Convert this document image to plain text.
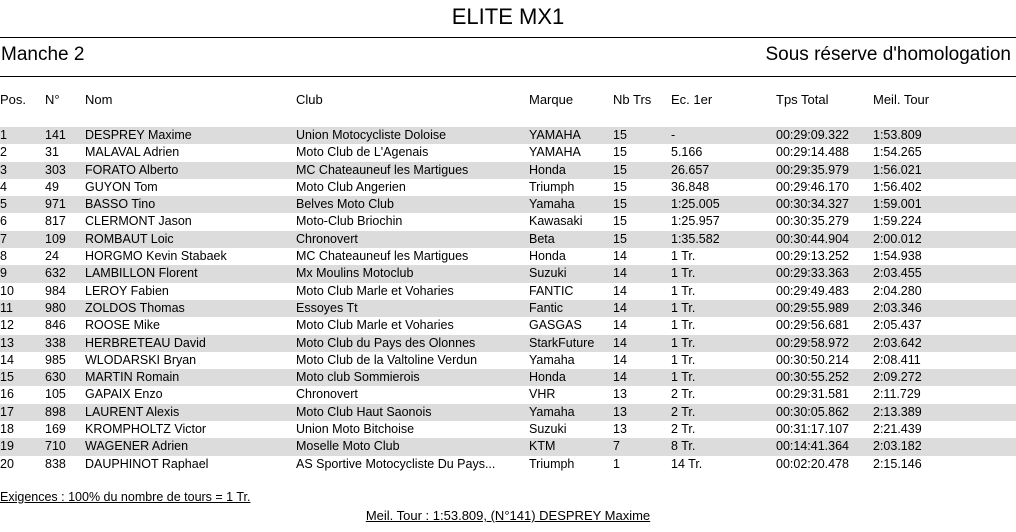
ELITE MX1
Manche 2	Sous réserve d'homologation
Pos. N° Nom	Club	Marque	Nb Trs Ec. 1er	Tps Total	Meil. Tour
1	141 DESPREY Maxime	Union Motocycliste Doloise	YAMAHA	15	-	00:29:09.322 1:53.809
2	31 MALAVAL Adrien	Moto Club de L'Agenais	YAMAHA	15	5.166	00:29:14.488 1:54.265
3	303 FORATO Alberto	MC Chateauneuf les Martigues	Honda	15	26.657	00:29:35.979 1:56.021
4	49 GUYON Tom	Moto Club Angerien	Triumph	15	36.848	00:29:46.170 1:56.402
5	971 BASSO Tino	Belves Moto Club	Yamaha	15	1:25.005	00:30:34.327 1:59.001
6	817 CLERMONT Jason	Moto-Club Briochin	Kawasaki 15	1:25.957	00:30:35.279 1:59.224
7	109 ROMBAUT Loic	Chronovert	Beta	15	1:35.582	00:30:44.904 2:00.012
8	24 HORGMO Kevin Stabaek	MC Chateauneuf les Martigues	Honda	14	1 Tr.	00:29:13.252 1:54.938
9	632 LAMBILLON Florent	Mx Moulins Motoclub	Suzuki	14	1 Tr.	00:29:33.363 2:03.455
10 984 LEROY Fabien	Moto Club Marle et Voharies	FANTIC	14	1 Tr.	00:29:49.483 2:04.280
11	980 ZOLDOS Thomas	Essoyes Tt	Fantic	14	1 Tr.	00:29:55.989 2:03.346
12 846 ROOSE Mike	Moto Club Marle et Voharies	GASGAS 14	1 Tr.	00:29:56.681 2:05.437
13 338 HERBRETEAU David	Moto Club du Pays des Olonnes	StarkFuture 14	1 Tr.	00:29:58.972 2:03.642
14 985 WLODARSKI Bryan	Moto Club de la Valtoline Verdun	Yamaha	14	1 Tr.	00:30:50.214 2:08.411
15 630 MARTIN Romain	Moto club Sommierois	Honda	14	1 Tr.	00:30:55.252 2:09.272
16 105 GAPAIX Enzo	Chronovert	VHR	13	2 Tr.	00:29:31.581 2:11.729
17 898 LAURENT Alexis	Moto Club Haut Saonois	Yamaha	13	2 Tr.	00:30:05.862 2:13.389
18 169 KROMPHOLTZ Victor	Union Moto Bitchoise	Suzuki	13	2 Tr.	00:31:17.107 2:21.439
19 710 WAGENER Adrien	Moselle Moto Club	KTM	7	8 Tr.	00:14:41.364 2:03.182
20 838 DAUPHINOT Raphael	AS Sportive Motocycliste Du Pays...	Triumph	1	14 Tr.	00:02:20.478 2:15.146
Exigences : 100% du nombre de tours = 1 Tr.
Meil. Tour : 1:53.809, (N°141) DESPREY Maxime
